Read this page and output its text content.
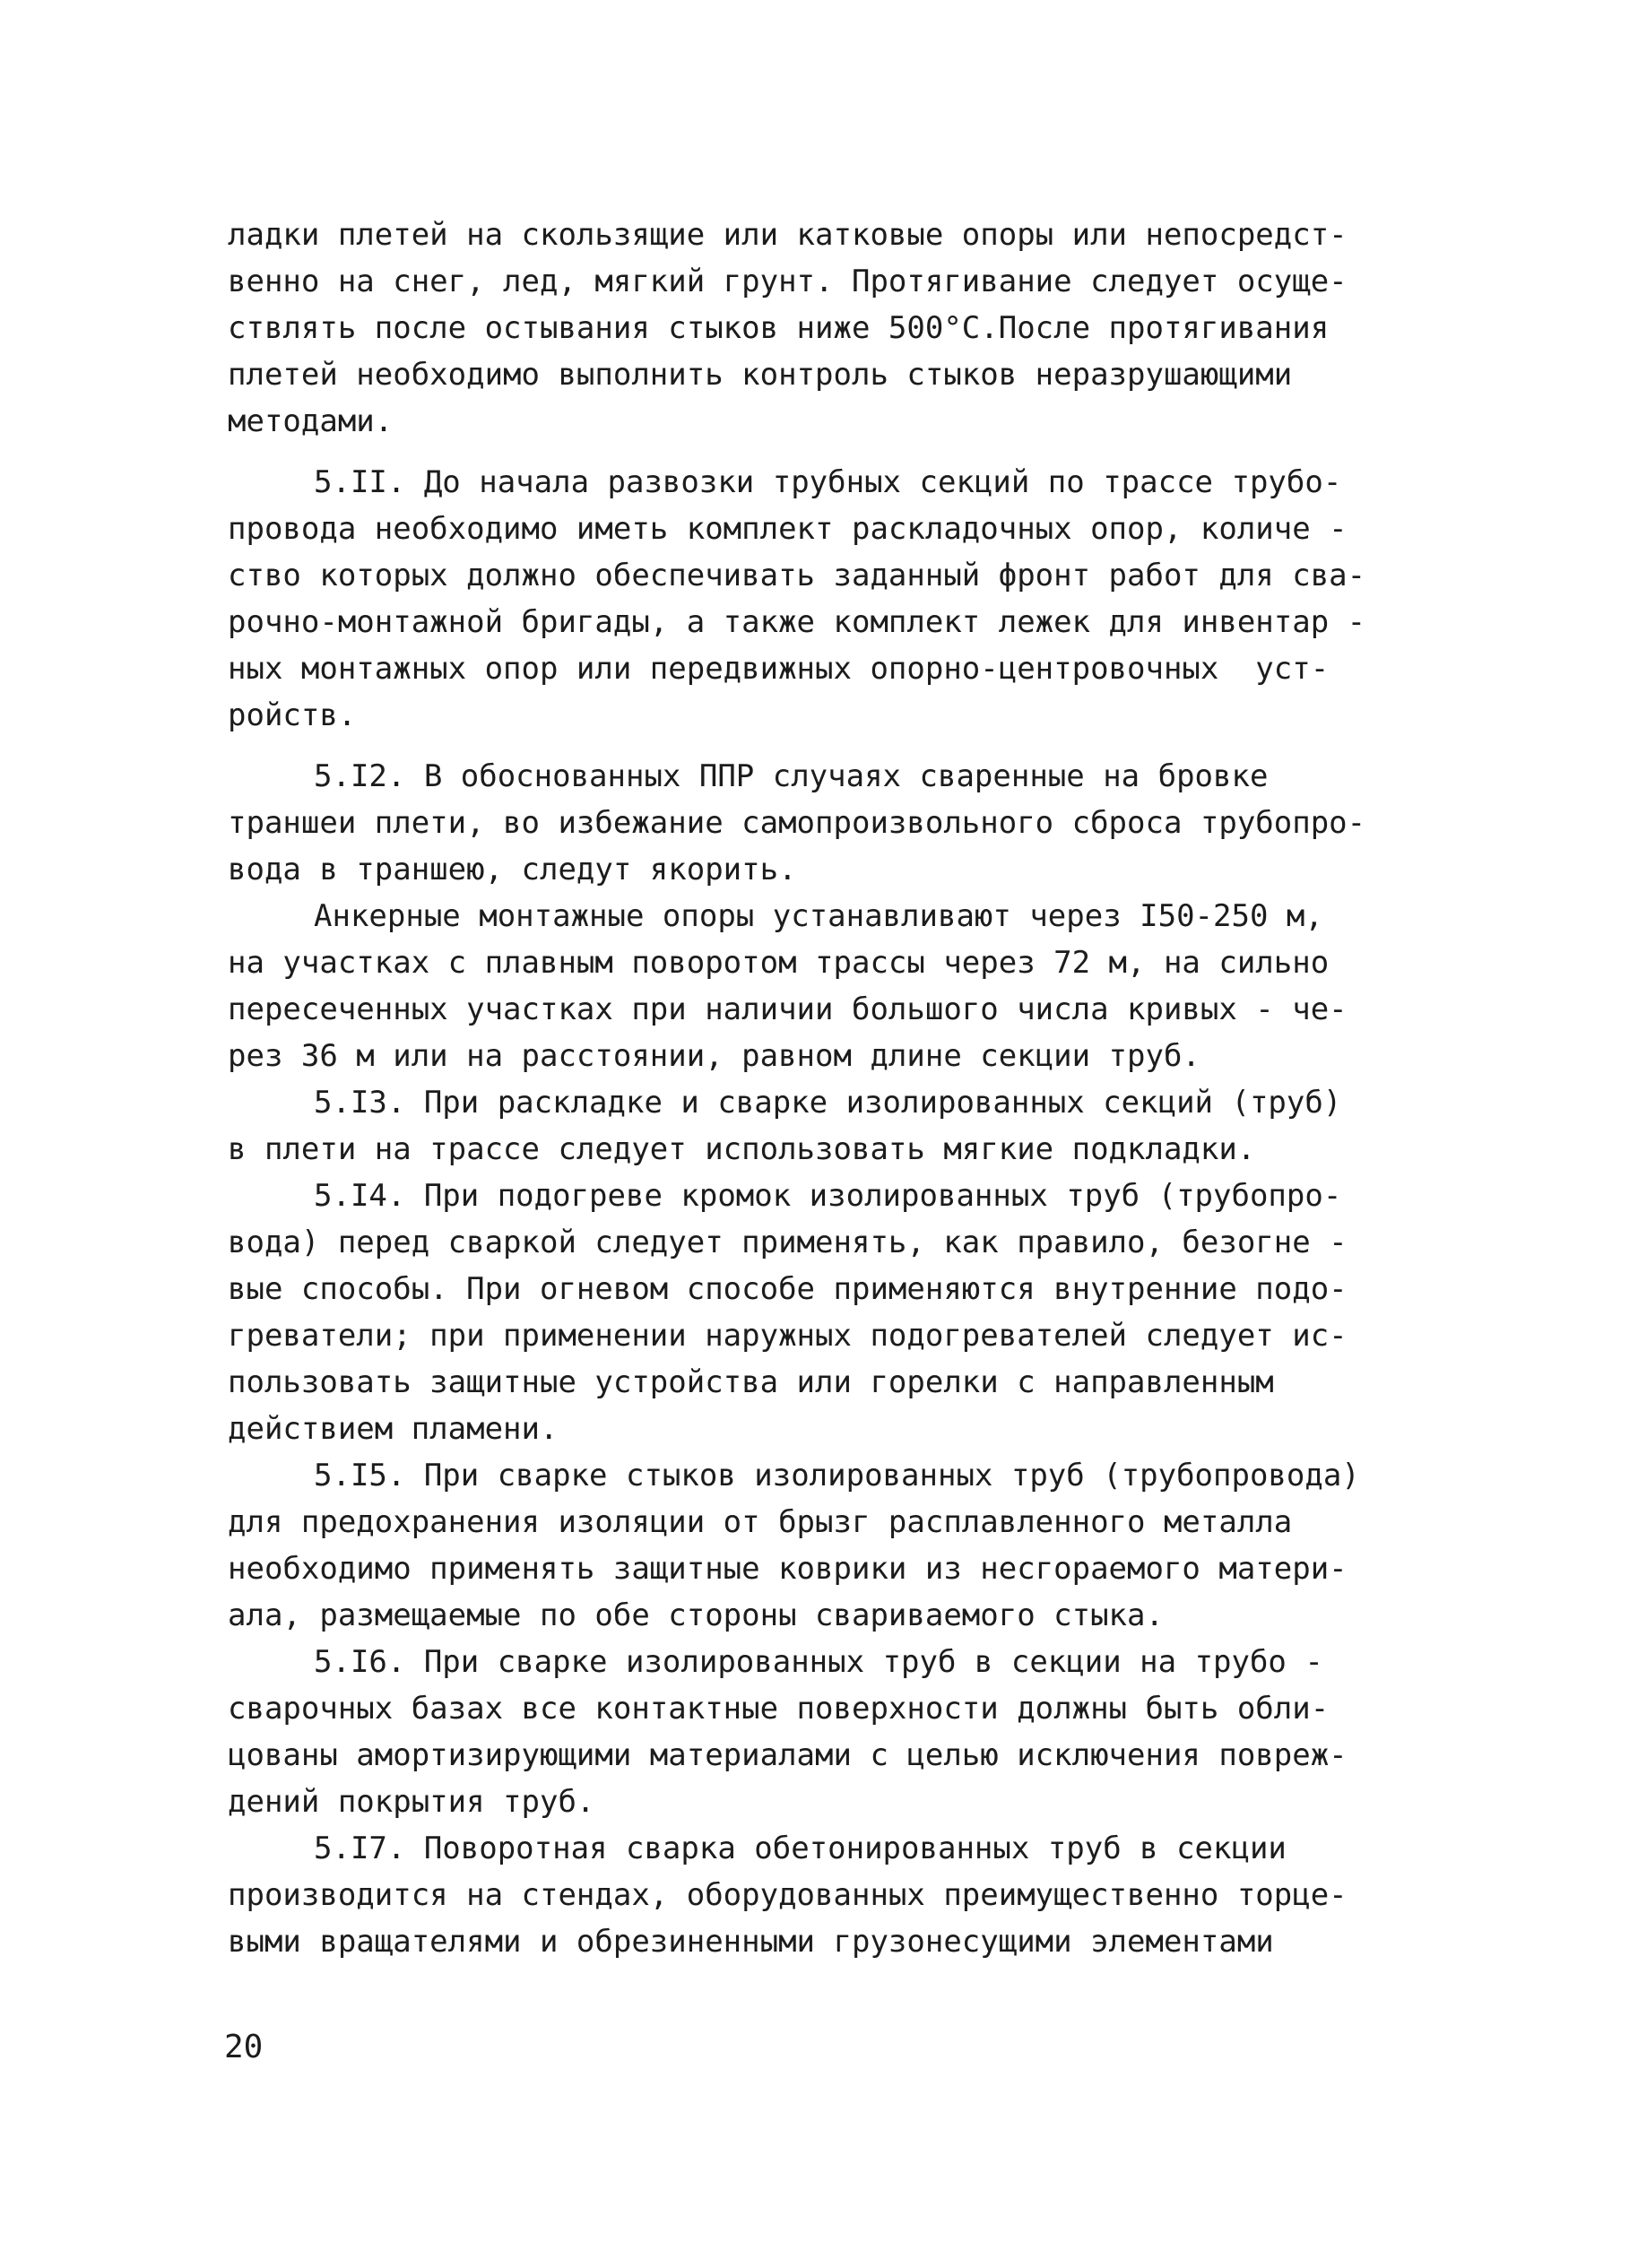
ладки плетей на скользящие или катковые опоры или непосредст-
венно на снег, лед, мягкий грунт. Протягивание следует осуще-
ствлять после остывания стыков ниже 500°С.После протягивания
плетей необходимо выполнить контроль стыков неразрушающими
методами.
5.II. До начала развозки трубных секций по трассе трубо-
провода необходимо иметь комплект раскладочных опор, количе -
ство которых должно обеспечивать заданный фронт работ для сва-
рочно-монтажной бригады, а также комплект лежек для инвентар -
ных монтажных опор или передвижных опорно-центровочных  уст-
ройств.
5.I2. В обоснованных ППР случаях сваренные на бровке
траншеи плети, во избежание самопроизвольного сброса трубопро-
вода в траншею, следут якорить.
Анкерные монтажные опоры устанавливают через I50-250 м,
на участках с плавным поворотом трассы через 72 м, на сильно
пересеченных участках при наличии большого числа кривых - че-
рез 36 м или на расстоянии, равном длине секции труб.
5.I3. При раскладке и сварке изолированных секций (труб)
в плети на трассе следует использовать мягкие подкладки.
5.I4. При подогреве кромок изолированных труб (трубопро-
вода) перед сваркой следует применять, как правило, безогне -
вые способы. При огневом способе применяются внутренние подо-
греватели; при применении наружных подогревателей следует ис-
пользовать защитные устройства или горелки с направленным
действием пламени.
5.I5. При сварке стыков изолированных труб (трубопровода)
для предохранения изоляции от брызг расплавленного металла
необходимо применять защитные коврики из несгораемого матери-
ала, размещаемые по обе стороны свариваемого стыка.
5.I6. При сварке изолированных труб в секции на трубо -
сварочных базах все контактные поверхности должны быть обли-
цованы амортизирующими материалами с целью исключения повреж-
дений покрытия труб.
5.I7. Поворотная сварка обетонированных труб в секции
производится на стендах, оборудованных преимущественно торце-
выми вращателями и обрезиненными грузонесущими элементами
20
